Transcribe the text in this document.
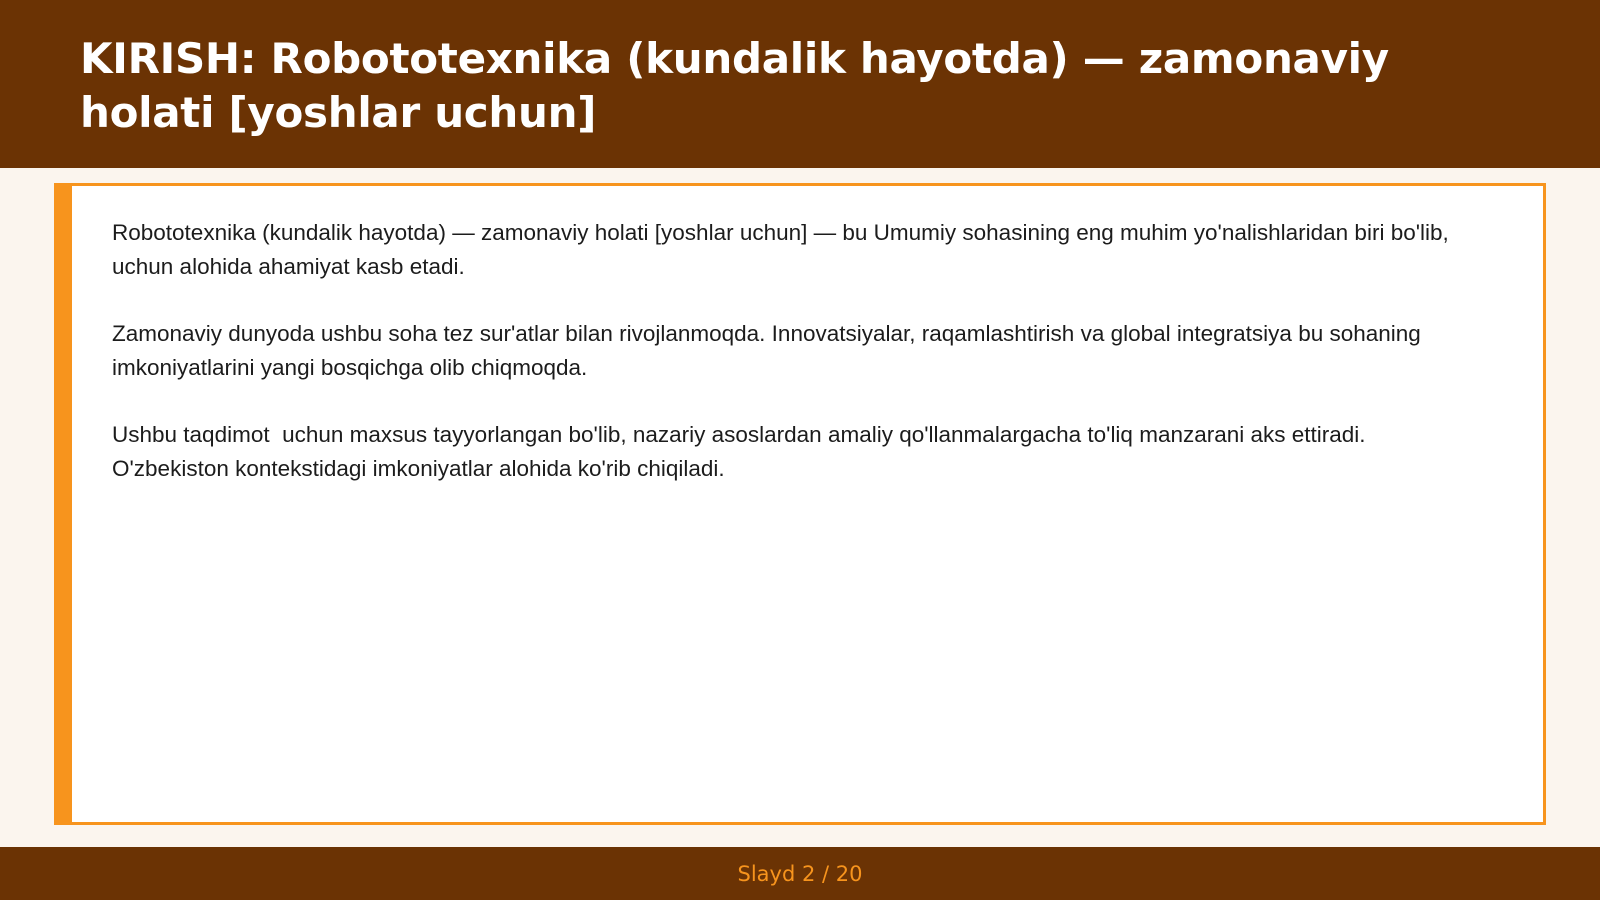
KIRISH: Robototexnika (kundalik hayotda) — zamonaviy holati [yoshlar uchun]

Robototexnika (kundalik hayotda) — zamonaviy holati [yoshlar uchun] — bu Umumiy sohasining eng muhim yo'nalishlaridan biri bo'lib,  uchun alohida ahamiyat kasb etadi.

Zamonaviy dunyoda ushbu soha tez sur'atlar bilan rivojlanmoqda. Innovatsiyalar, raqamlashtirish va global integratsiya bu sohaning imkoniyatlarini yangi bosqichga olib chiqmoqda.

Ushbu taqdimot  uchun maxsus tayyorlangan bo'lib, nazariy asoslardan amaliy qo'llanmalargacha to'liq manzarani aks ettiradi. O'zbekiston kontekstidagi imkoniyatlar alohida ko'rib chiqiladi.

Slayd 2 / 20
